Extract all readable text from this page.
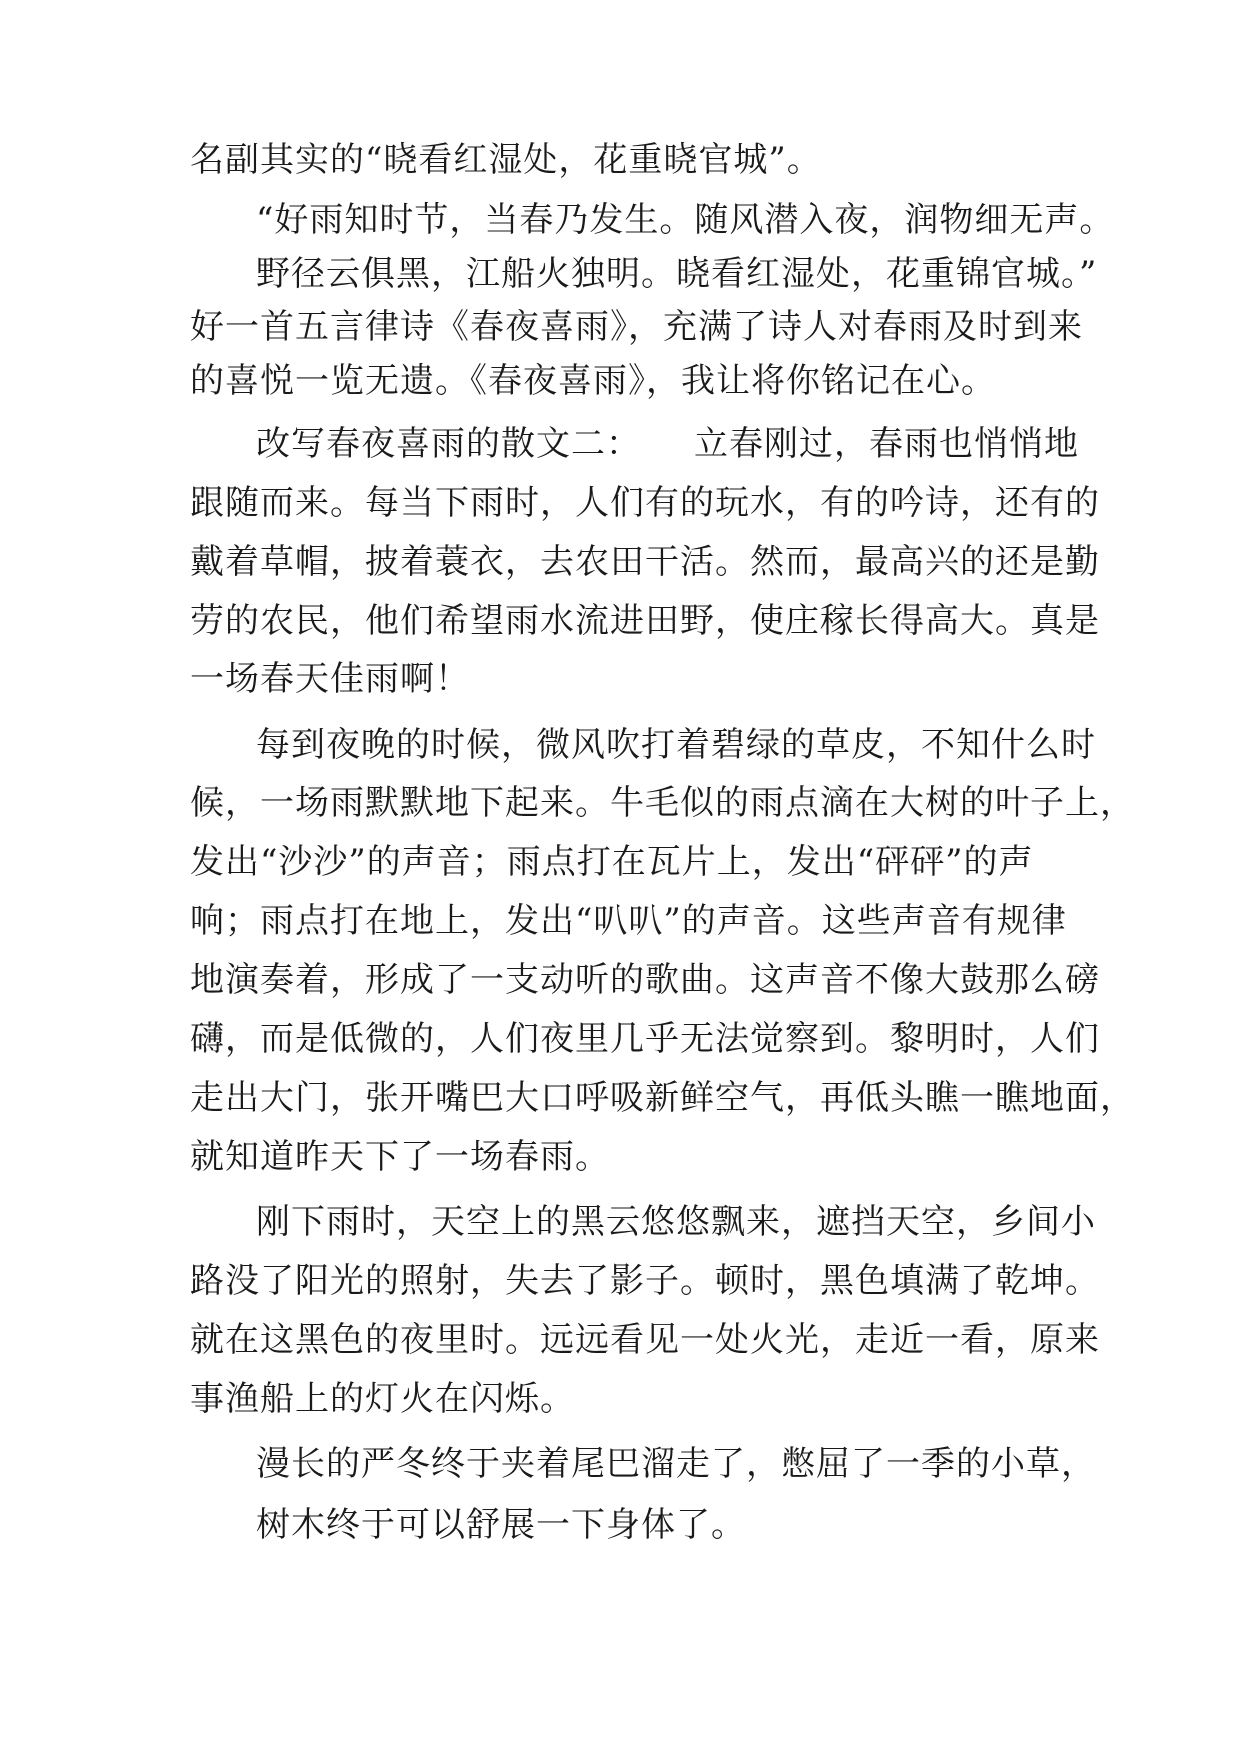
名副其实的“晓看红湿处，花重晓官城”。
“好雨知时节，当春乃发生。随风潜入夜，润物细无声。
野径云俱黑，江船火独明。晓看红湿处，花重锦官城。”
好一首五言律诗《春夜喜雨》，充满了诗人对春雨及时到来
的喜悦一览无遗。《春夜喜雨》，我让将你铭记在心。
改写春夜喜雨的散文二：　　立春刚过，春雨也悄悄地
跟随而来。每当下雨时，人们有的玩水，有的吟诗，还有的
戴着草帽，披着蓑衣，去农田干活。然而，最高兴的还是勤
劳的农民，他们希望雨水流进田野，使庄稼长得高大。真是
一场春天佳雨啊！
每到夜晚的时候，微风吹打着碧绿的草皮，不知什么时
候，一场雨默默地下起来。牛毛似的雨点滴在大树的叶子上，
发出“沙沙”的声音；雨点打在瓦片上，发出“砰砰”的声
响；雨点打在地上，发出“叭叭”的声音。这些声音有规律
地演奏着，形成了一支动听的歌曲。这声音不像大鼓那么磅
礴，而是低微的，人们夜里几乎无法觉察到。黎明时，人们
走出大门，张开嘴巴大口呼吸新鲜空气，再低头瞧一瞧地面，
就知道昨天下了一场春雨。
刚下雨时，天空上的黑云悠悠飘来，遮挡天空，乡间小
路没了阳光的照射，失去了影子。顿时，黑色填满了乾坤。
就在这黑色的夜里时。远远看见一处火光，走近一看，原来
事渔船上的灯火在闪烁。
漫长的严冬终于夹着尾巴溜走了，憋屈了一季的小草，
树木终于可以舒展一下身体了。
